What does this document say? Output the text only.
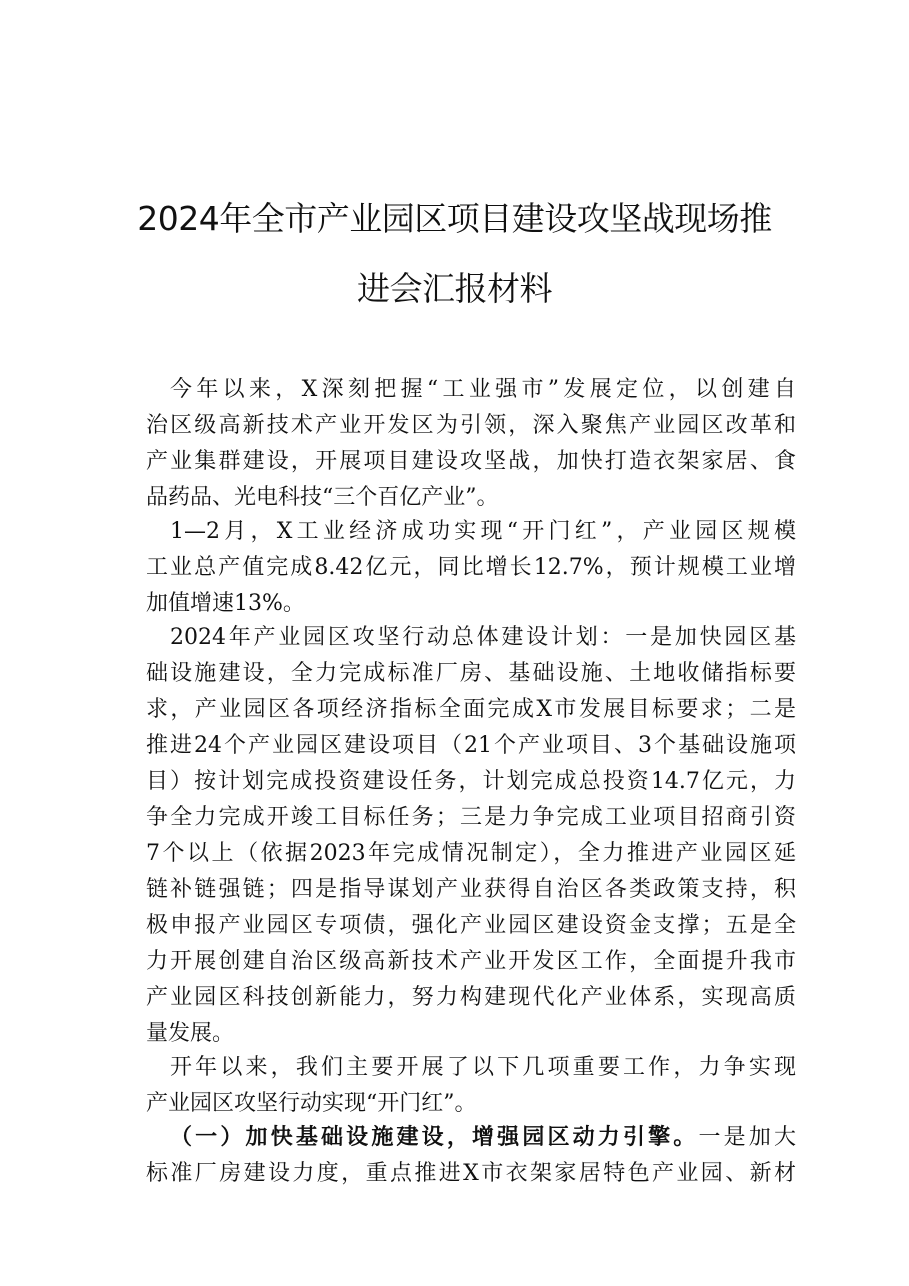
2024年全市产业园区项目建设攻坚战现场推
进会汇报材料
今年以来，X深刻把握“工业强市”发展定位，以创建自
治区级高新技术产业开发区为引领，深入聚焦产业园区改革和
产业集群建设，开展项目建设攻坚战，加快打造衣架家居、食
品药品、光电科技“三个百亿产业”。
1—2月，X工业经济成功实现“开门红”，产业园区规模
工业总产值完成8.42亿元，同比增长12.7%，预计规模工业增
加值增速13%。
2024年产业园区攻坚行动总体建设计划：一是加快园区基
础设施建设，全力完成标准厂房、基础设施、土地收储指标要
求，产业园区各项经济指标全面完成X市发展目标要求；二是
推进24个产业园区建设项目（21个产业项目、3个基础设施项
目）按计划完成投资建设任务，计划完成总投资14.7亿元，力
争全力完成开竣工目标任务；三是力争完成工业项目招商引资
7个以上（依据2023年完成情况制定），全力推进产业园区延
链补链强链；四是指导谋划产业获得自治区各类政策支持，积
极申报产业园区专项债，强化产业园区建设资金支撑；五是全
力开展创建自治区级高新技术产业开发区工作，全面提升我市
产业园区科技创新能力，努力构建现代化产业体系，实现高质
量发展。
开年以来，我们主要开展了以下几项重要工作，力争实现
产业园区攻坚行动实现“开门红”。
（一）加快基础设施建设，增强园区动力引擎。一是加大
标准厂房建设力度，重点推进X市衣架家居特色产业园、新材
